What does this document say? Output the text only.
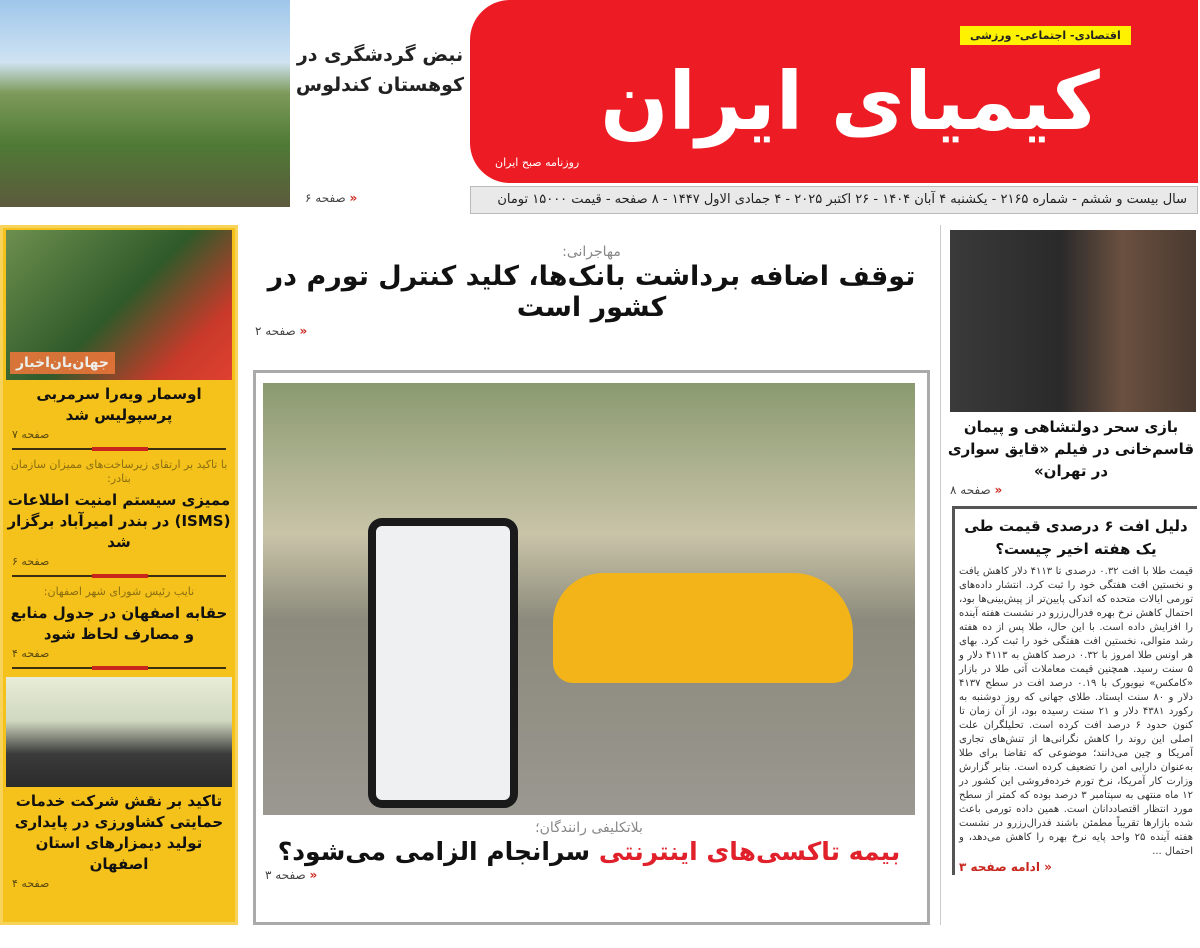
نبض گردشگری در کوهستان کندلوس
« صفحه ۶
کیمیای ایران
اقتصادی- اجتماعی- ورزشی
روزنامه صبح ایران
سال بیست و ششم - شماره ۲۱۶۵ - یکشنبه ۴ آبان ۱۴۰۴ - ۲۶ اکتبر ۲۰۲۵ - ۴ جمادی الاول ۱۴۴۷ - ۸ صفحه - قیمت ۱۵۰۰۰ تومان
جهان‌بان‌اخبار
اوسمار ویه‌را سرمربی پرسپولیس شد
صفحه ۷
با تاکید بر ارتقای زیرساخت‌های ممیزان سازمان بنادر:
ممیزی سیستم امنیت اطلاعات (ISMS) در بندر امیرآباد برگزار شد
صفحه ۶
نایب رئیس شورای شهر اصفهان:
حقابه اصفهان در جدول منابع و مصارف لحاظ شود
صفحه ۴
تاکید بر نقش شرکت خدمات حمایتی کشاورزی در پایداری تولید دیمزارهای استان اصفهان
صفحه ۴
مهاجرانی:
توقف اضافه برداشت بانک‌ها، کلید کنترل تورم در کشور است
« صفحه ۲
بلاتکلیفی رانندگان؛
بیمه تاکسی‌های اینترنتی سرانجام الزامی می‌شود؟
« صفحه ۳
بازی سحر دولتشاهی و پیمان قاسم‌خانی در فیلم «قایق سواری در تهران»
« صفحه ۸
دلیل افت ۶ درصدی قیمت طی یک هفته اخیر چیست؟
قیمت طلا با افت ۰.۳۲ درصدی تا ۴۱۱۳ دلار کاهش یافت و نخستین افت هفتگی خود را ثبت کرد. انتشار داده‌های تورمی ایالات متحده که اندکی پایین‌تر از پیش‌بینی‌ها بود، احتمال کاهش نرخ بهره فدرال‌رزرو در نشست هفته آینده را افزایش داده است. با این حال، طلا پس از ده هفته رشد متوالی، نخستین افت هفتگی خود را ثبت کرد. بهای هر اونس طلا امروز با ۰.۳۲ درصد کاهش به ۴۱۱۳ دلار و ۵ سنت رسید. همچنین قیمت معاملات آتی طلا در بازار «کامکس» نیویورک با ۰.۱۹ درصد افت در سطح ۴۱۳۷ دلار و ۸۰ سنت ایستاد. طلای جهانی که روز دوشنبه به رکورد ۴۳۸۱ دلار و ۲۱ سنت رسیده بود، از آن زمان تا کنون حدود ۶ درصد افت کرده است. تحلیلگران علت اصلی این روند را کاهش نگرانی‌ها از تنش‌های تجاری آمریکا و چین می‌دانند؛ موضوعی که تقاضا برای طلا به‌عنوان دارایی امن را تضعیف کرده است. بنابر گزارش وزارت کار آمریکا، نرخ تورم خرده‌فروشی این کشور در ۱۲ ماه منتهی به سپتامبر ۳ درصد بوده که کمتر از سطح مورد انتظار اقتصاددانان است. همین داده تورمی باعث شده بازارها تقریباً مطمئن باشند فدرال‌رزرو در نشست هفته آینده ۲۵ واحد پایه نرخ بهره را کاهش می‌دهد، و احتمال ...
« ادامه صفحه ۳
